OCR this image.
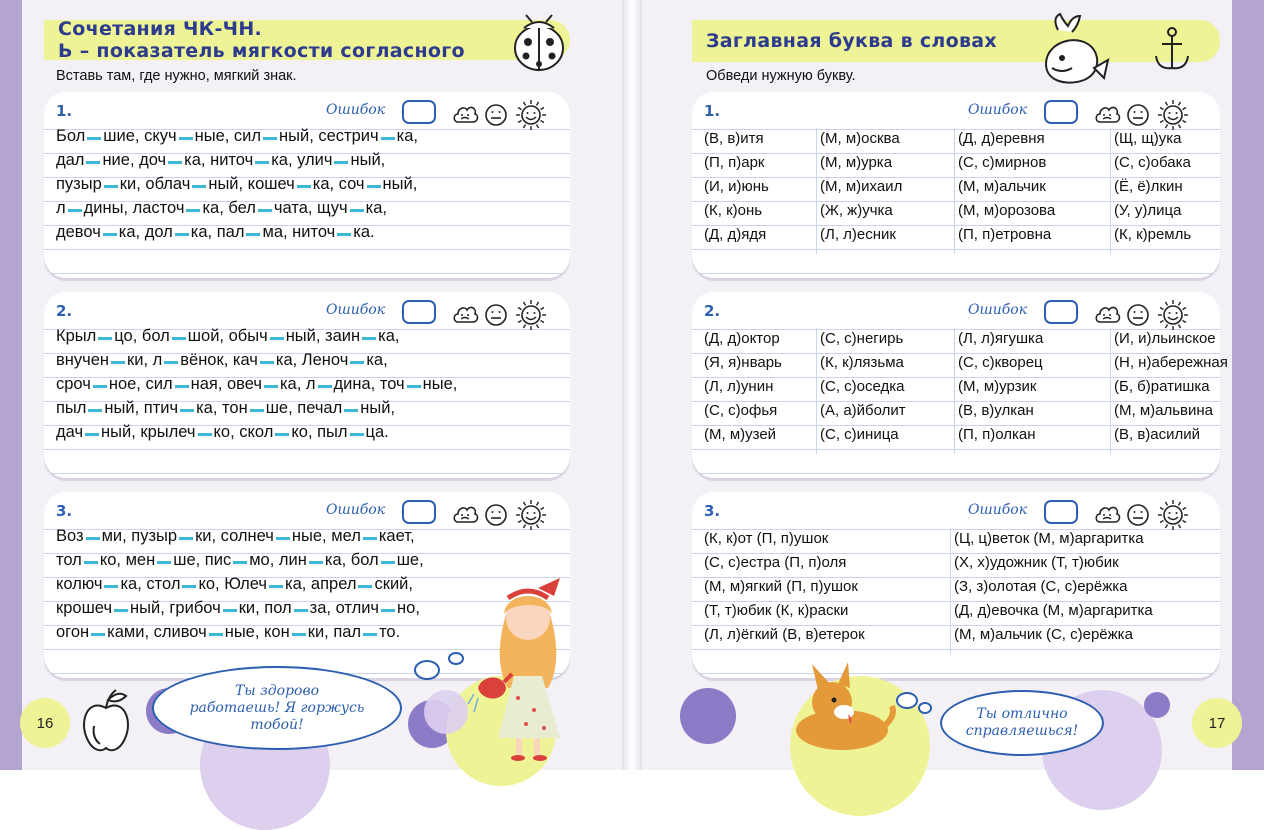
Сочетания ЧК-ЧН.
Ь – показатель мягкости согласного
Вставь там, где нужно, мягкий знак.
1.	Ошибок
Бол шие, скуч ные, сил ный, сестрич ка,
дал ние, доч ка, ниточ ка, улич ный,
пузыр ки, облач ный, кошеч ка, соч ный,
л дины, ласточ ка, бел чата, щуч ка,
девоч ка, дол ка, пал ма, ниточ ка.
2.	Ошибок
Крыл цо, бол шой, обыч ный, заин ка,
внучен ки, л вёнок, кач ка, Леноч ка,
сроч ное, сил ная, овеч ка, л дина, точ ные,
пыл ный, птич ка, тон ше, печал ный,
дач ный, крылеч ко, скол ко, пыл ца.
3.	Ошибок
Воз ми, пузыр ки, солнеч ные, мел кает,
тол ко, мен ше, пис мо, лин ка, бол ше,
колюч ка, стол ко, Юлеч ка, апрел ский,
крошеч ный, грибоч ки, пол за, отлич но,
огон ками, сливоч ные, кон ки, пал то.
Ты здорово
работаешь! Я горжусь
тобой!
16
Заглавная буква в словах
Обведи нужную букву.
1.	Ошибок
(В, в)итя	(М, м)осква	(Д, д)еревня	(Щ, щ)ука
(П, п)арк	(М, м)урка	(С, с)мирнов	(С, с)обака
(И, и)юнь	(М, м)ихаил	(М, м)альчик	(Ё, ё)лкин
(К, к)онь	(Ж, ж)учка	(М, м)орозова	(У, у)лица
(Д, д)ядя	(Л, л)есник	(П, п)етровна	(К, к)ремль
2.	Ошибок
(Д, д)октор	(С, с)негирь	(Л, л)ягушка	(И, и)льинское
(Я, я)нварь	(К, к)лязьма	(С, с)кворец	(Н, н)абережная
(Л, л)унин	(С, с)оседка	(М, м)урзик	(Б, б)ратишка
(С, с)офья	(А, а)йболит	(В, в)улкан	(М, м)альвина
(М, м)узей	(С, с)иница	(П, п)олкан	(В, в)асилий
3.	Ошибок
(К, к)от (П, п)ушок	(Ц, ц)веток (М, м)аргаритка
(С, с)естра (П, п)оля	(Х, х)удожник (Т, т)юбик
(М, м)ягкий (П, п)ушок	(З, з)олотая (С, с)ерёжка
(Т, т)юбик (К, к)раски	(Д, д)евочка (М, м)аргаритка
(Л, л)ёгкий (В, в)етерок	(М, м)альчик (С, с)ерёжка
Ты отлично
справляешься!	17
